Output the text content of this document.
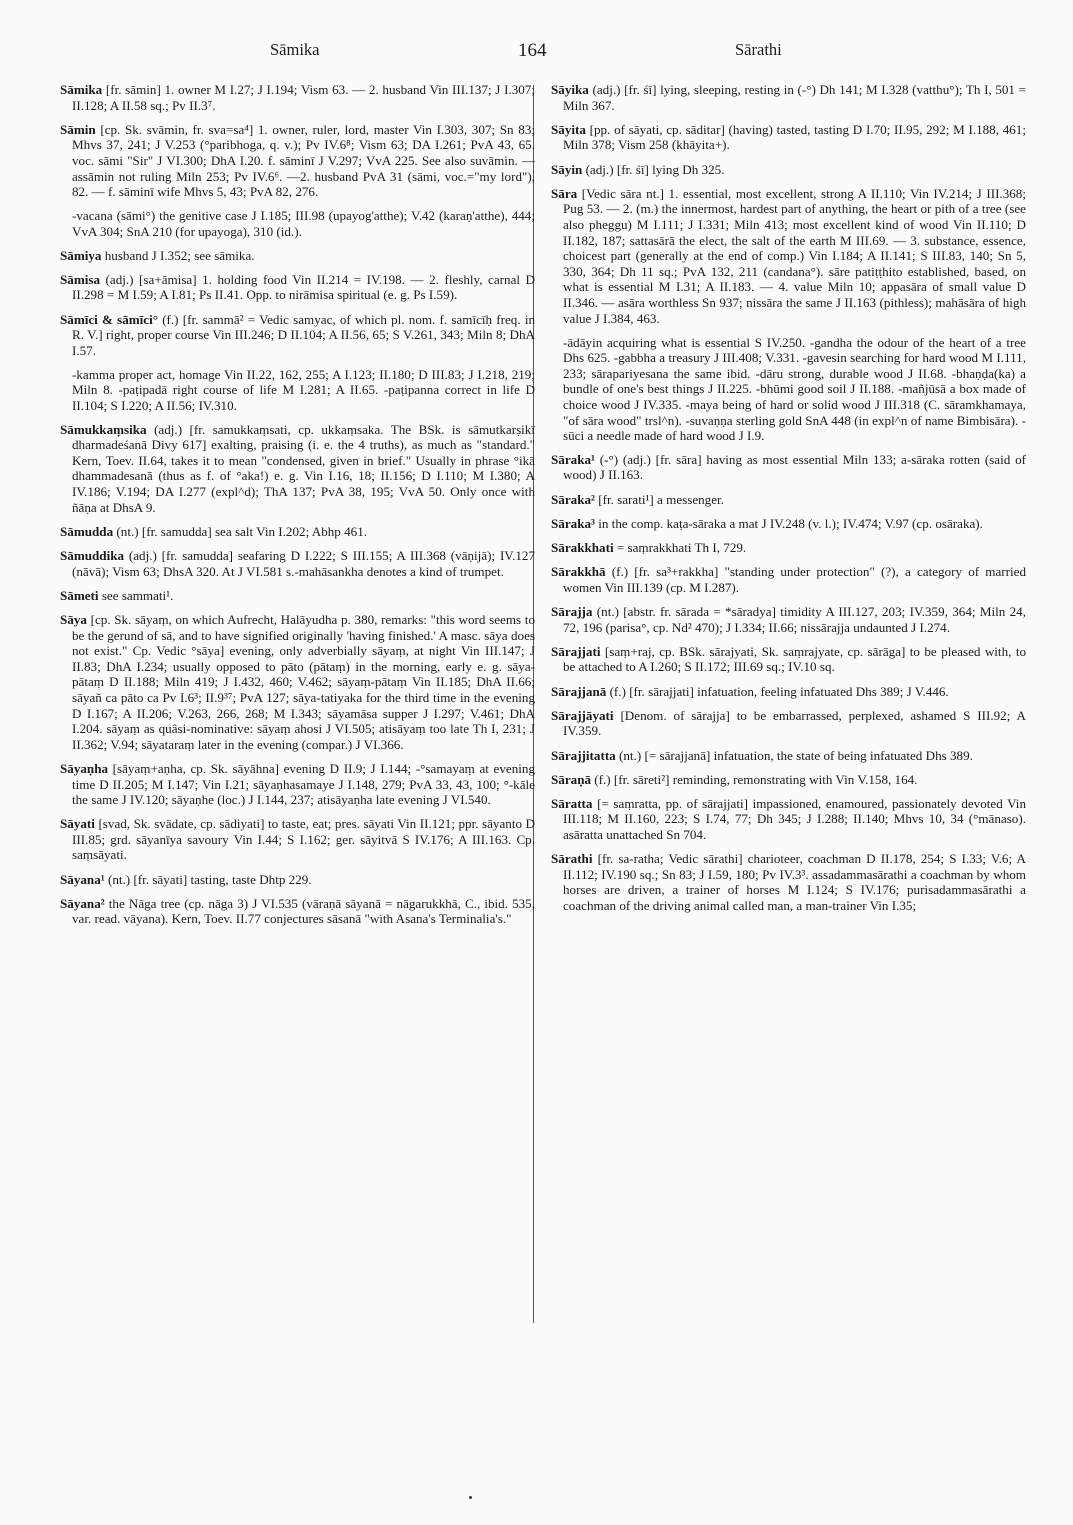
Sāmika	164	Sārathi

Sāmika [fr. sāmin] 1. owner M I.27; J I.194; Vism 63. — 2. husband Vin III.137; J I.307; II.128; A II.58 sq.; Pv II.3⁷.

Sāmin [cp. Sk. svāmin, fr. sva=sa⁴] 1. owner, ruler, lord, master Vin I.303, 307; Sn 83; Mhvs 37, 241; J V.253 (°paribhoga, q. v.); Pv IV.6⁸; Vism 63; DA I.261; PvA 43, 65. voc. sāmi "Sir" J VI.300; DhA I.20. f. sāminī J V.297; VvA 225. See also suvāmin. — assāmin not ruling Miln 253; Pv IV.6⁶. —2. husband PvA 31 (sāmi, voc.="my lord"), 82. — f. sāminī wife Mhvs 5, 43; PvA 82, 276.

-vacana (sāmi°) the genitive case J I.185; III.98 (upayog'atthe); V.42 (karaṇ'atthe), 444; VvA 304; SnA 210 (for upayoga), 310 (id.).

Sāmiya husband J I.352; see sāmika.

Sāmisa (adj.) [sa+āmisa] 1. holding food Vin II.214 = IV.198. — 2. fleshly, carnal D II.298 = M I.59; A I.81; Ps II.41. Opp. to nirāmisa spiritual (e. g. Ps I.59).

Sāmīci & sāmīci° (f.) [fr. sammā² = Vedic samyac, of which pl. nom. f. samīcīḥ freq. in R. V.] right, proper course Vin III.246; D II.104; A II.56, 65; S V.261, 343; Miln 8; DhA I.57.

-kamma proper act, homage Vin II.22, 162, 255; A I.123; II.180; D III.83; J I.218, 219; Miln 8. -paṭipadā right course of life M I.281; A II.65. -paṭipanna correct in life D II.104; S I.220; A II.56; IV.310.

Sāmukkaṃsika (adj.) [fr. samukkaṃsati, cp. ukkaṃsaka. The BSk. is sāmutkarṣikī dharmadeśanā Divy 617] exalting, praising (i. e. the 4 truths), as much as "standard." Kern, Toev. II.64, takes it to mean "condensed, given in brief." Usually in phrase °ikā dhammadesanā (thus as f. of °aka!) e. g. Vin I.16, 18; II.156; D I.110; M I.380; A IV.186; V.194; DA I.277 (expl^d); ThA 137; PvA 38, 195; VvA 50. Only once with ñāṇa at DhsA 9.

Sāmudda (nt.) [fr. samudda] sea salt Vin I.202; Abhp 461.

Sāmuddika (adj.) [fr. samudda] seafaring D I.222; S III.155; A III.368 (vāṇijā); IV.127 (nāvā); Vism 63; DhsA 320. At J VI.581 s.-mahāsankha denotes a kind of trumpet.

Sāmeti see sammati¹.

Sāya [cp. Sk. sāyaṃ, on which Aufrecht, Halāyudha p. 380, remarks: "this word seems to be the gerund of sā, and to have signified originally 'having finished.' A masc. sāya does not exist." Cp. Vedic °sāya] evening, only adverbially sāyaṃ, at night Vin III.147; J II.83; DhA I.234; usually opposed to pāto (pātaṃ) in the morning, early e. g. sāya-pātaṃ D II.188; Miln 419; J I.432, 460; V.462; sāyaṃ-pātaṃ Vin II.185; DhA II.66; sāyañ ca pāto ca Pv I.6³; II.9³⁷; PvA 127; sāya-tatiyaka for the third time in the evening D I.167; A II.206; V.263, 266, 268; M I.343; sāyamāsa supper J I.297; V.461; DhA I.204. sāyaṃ as quâsi-nominative: sāyaṃ ahosi J VI.505; atisāyaṃ too late Th I, 231; J II.362; V.94; sāyataraṃ later in the evening (compar.) J VI.366.

Sāyaṇha [sāyaṃ+aṇha, cp. Sk. sāyāhna] evening D II.9; J I.144; -°samayaṃ at evening time D II.205; M I.147; Vin I.21; sāyaṇhasamaye J I.148, 279; PvA 33, 43, 100; °-kāle the same J IV.120; sāyaṇhe (loc.) J I.144, 237; atisāyaṇha late evening J VI.540.

Sāyati [svad, Sk. svādate, cp. sādiyati] to taste, eat; pres. sāyati Vin II.121; ppr. sāyanto D III.85; grd. sāyanīya savoury Vin I.44; S I.162; ger. sāyitvā S IV.176; A III.163. Cp. saṃsāyati.

Sāyana¹ (nt.) [fr. sāyati] tasting, taste Dhtp 229.

Sāyana² the Nāga tree (cp. nāga 3) J VI.535 (vāraṇā sāyanā = nāgarukkhā, C., ibid. 535, var. read. vāyana). Kern, Toev. II.77 conjectures sāsanā "with Asana's Terminalia's."

Sāyika (adj.) [fr. śī] lying, sleeping, resting in (-°) Dh 141; M I.328 (vatthu°); Th I, 501 = Miln 367.

Sāyita [pp. of sāyati, cp. sāditar] (having) tasted, tasting D I.70; II.95, 292; M I.188, 461; Miln 378; Vism 258 (khāyita+).

Sāyin (adj.) [fr. śī] lying Dh 325.

Sāra [Vedic sāra nt.] 1. essential, most excellent, strong A II.110; Vin IV.214; J III.368; Pug 53. — 2. (m.) the innermost, hardest part of anything, the heart or pith of a tree (see also pheggu) M I.111; J I.331; Miln 413; most excellent kind of wood Vin II.110; D II.182, 187; sattasārā the elect, the salt of the earth M III.69. — 3. substance, essence, choicest part (generally at the end of comp.) Vin I.184; A II.141; S III.83, 140; Sn 5, 330, 364; Dh 11 sq.; PvA 132, 211 (candana°). sāre patiṭṭhito established, based, on what is essential M I.31; A II.183. — 4. value Miln 10; appasāra of small value D II.346. — asāra worthless Sn 937; nissāra the same J II.163 (pithless); mahāsāra of high value J I.384, 463.

-ādāyin acquiring what is essential S IV.250. -gandha the odour of the heart of a tree Dhs 625. -gabbha a treasury J III.408; V.331. -gavesin searching for hard wood M I.111, 233; sārapariyesana the same ibid. -dāru strong, durable wood J II.68. -bhaṇḍa(ka) a bundle of one's best things J II.225. -bhūmi good soil J II.188. -mañjūsā a box made of choice wood J IV.335. -maya being of hard or solid wood J III.318 (C. sāramkhamaya, "of sāra wood" trsl^n). -suvaṇṇa sterling gold SnA 448 (in expl^n of name Bimbisāra). -sūci a needle made of hard wood J I.9.

Sāraka¹ (-°) (adj.) [fr. sāra] having as most essential Miln 133; a-sāraka rotten (said of wood) J II.163.

Sāraka² [fr. sarati¹] a messenger.

Sāraka³ in the comp. kaṭa-sāraka a mat J IV.248 (v. l.); IV.474; V.97 (cp. osāraka).

Sārakkhati = saṃrakkhati Th I, 729.

Sārakkhā (f.) [fr. sa³+rakkha] "standing under protection" (?), a category of married women Vin III.139 (cp. M I.287).

Sārajja (nt.) [abstr. fr. sārada = *sāradya] timidity A III.127, 203; IV.359, 364; Miln 24, 72, 196 (parisa°, cp. Nd² 470); J I.334; II.66; nissārajja undaunted J I.274.

Sārajjati [saṃ+raj, cp. BSk. sārajyati, Sk. saṃrajyate, cp. sārāga] to be pleased with, to be attached to A I.260; S II.172; III.69 sq.; IV.10 sq.

Sārajjanā (f.) [fr. sārajjati] infatuation, feeling infatuated Dhs 389; J V.446.

Sārajjāyati [Denom. of sārajja] to be embarrassed, perplexed, ashamed S III.92; A IV.359.

Sārajjitatta (nt.) [= sārajjanā] infatuation, the state of being infatuated Dhs 389.

Sāraṇā (f.) [fr. sāreti²] reminding, remonstrating with Vin V.158, 164.

Sāratta [= saṃratta, pp. of sārajjati] impassioned, enamoured, passionately devoted Vin III.118; M II.160, 223; S I.74, 77; Dh 345; J I.288; II.140; Mhvs 10, 34 (°mānaso). asāratta unattached Sn 704.

Sārathi [fr. sa-ratha; Vedic sārathi] charioteer, coachman D II.178, 254; S I.33; V.6; A II.112; IV.190 sq.; Sn 83; J I.59, 180; Pv IV.3³. assadammasārathi a coachman by whom horses are driven, a trainer of horses M I.124; S IV.176; purisadammasārathi a coachman of the driving animal called man, a man-trainer Vin I.35;
